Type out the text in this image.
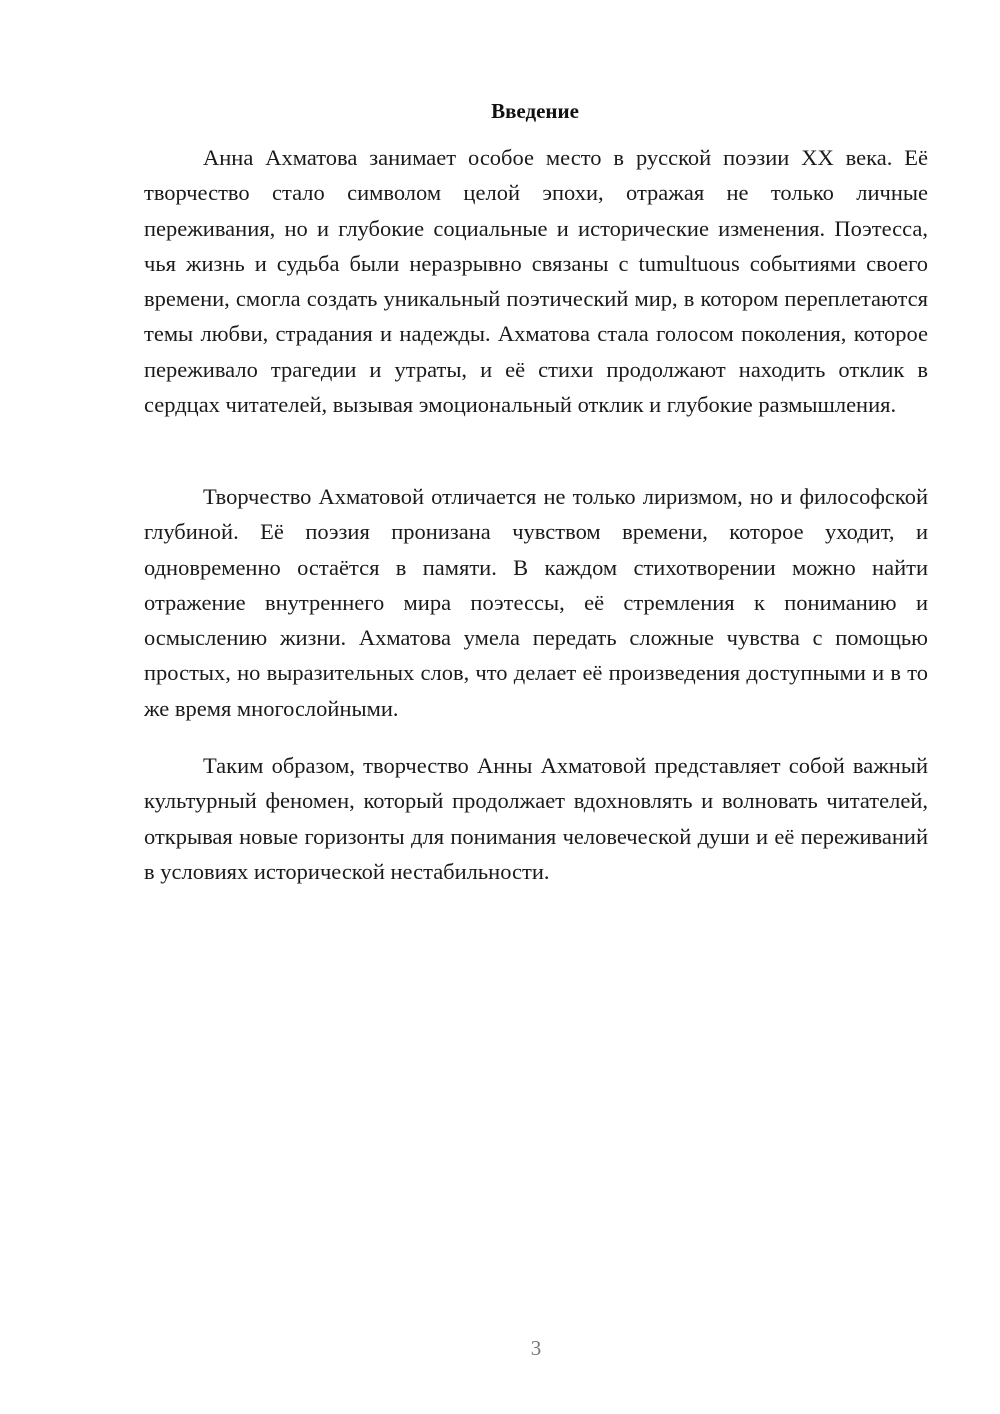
Введение

Анна Ахматова занимает особое место в русской поэзии XX века. Её творчество стало символом целой эпохи, отражая не только личные переживания, но и глубокие социальные и исторические изменения. Поэтесса, чья жизнь и судьба были неразрывно связаны с tumultuous событиями своего времени, смогла создать уникальный поэтический мир, в котором переплетаются темы любви, страдания и надежды. Ахматова стала голосом поколения, которое переживало трагедии и утраты, и её стихи продолжают находить отклик в сердцах читателей, вызывая эмоциональный отклик и глубокие размышления.

Творчество Ахматовой отличается не только лиризмом, но и философской глубиной. Её поэзия пронизана чувством времени, которое уходит, и одновременно остаётся в памяти. В каждом стихотворении можно найти отражение внутреннего мира поэтессы, её стремления к пониманию и осмыслению жизни. Ахматова умела передать сложные чувства с помощью простых, но выразительных слов, что делает её произведения доступными и в то же время многослойными.

Таким образом, творчество Анны Ахматовой представляет собой важный культурный феномен, который продолжает вдохновлять и волновать читателей, открывая новые горизонты для понимания человеческой души и её переживаний в условиях исторической нестабильности.

3
